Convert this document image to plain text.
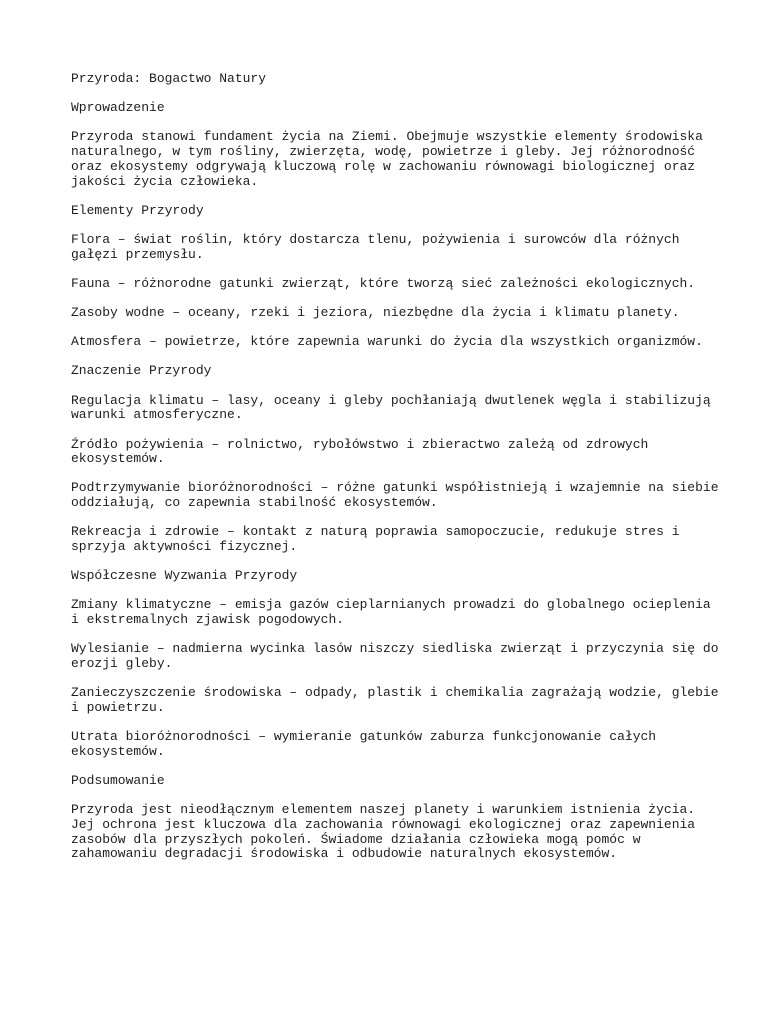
Przyroda: Bogactwo Natury
Wprowadzenie
Przyroda stanowi fundament życia na Ziemi. Obejmuje wszystkie elementy środowiska
naturalnego, w tym rośliny, zwierzęta, wodę, powietrze i gleby. Jej różnorodność
oraz ekosystemy odgrywają kluczową rolę w zachowaniu równowagi biologicznej oraz
jakości życia człowieka.
Elementy Przyrody
Flora – świat roślin, który dostarcza tlenu, pożywienia i surowców dla różnych
gałęzi przemysłu.
Fauna – różnorodne gatunki zwierząt, które tworzą sieć zależności ekologicznych.
Zasoby wodne – oceany, rzeki i jeziora, niezbędne dla życia i klimatu planety.
Atmosfera – powietrze, które zapewnia warunki do życia dla wszystkich organizmów.
Znaczenie Przyrody
Regulacja klimatu – lasy, oceany i gleby pochłaniają dwutlenek węgla i stabilizują
warunki atmosferyczne.
Źródło pożywienia – rolnictwo, rybołówstwo i zbieractwo zależą od zdrowych
ekosystemów.
Podtrzymywanie bioróżnorodności – różne gatunki współistnieją i wzajemnie na siebie
oddziałują, co zapewnia stabilność ekosystemów.
Rekreacja i zdrowie – kontakt z naturą poprawia samopoczucie, redukuje stres i
sprzyja aktywności fizycznej.
Współczesne Wyzwania Przyrody
Zmiany klimatyczne – emisja gazów cieplarnianych prowadzi do globalnego ocieplenia
i ekstremalnych zjawisk pogodowych.
Wylesianie – nadmierna wycinka lasów niszczy siedliska zwierząt i przyczynia się do
erozji gleby.
Zanieczyszczenie środowiska – odpady, plastik i chemikalia zagrażają wodzie, glebie
i powietrzu.
Utrata bioróżnorodności – wymieranie gatunków zaburza funkcjonowanie całych
ekosystemów.
Podsumowanie
Przyroda jest nieodłącznym elementem naszej planety i warunkiem istnienia życia.
Jej ochrona jest kluczowa dla zachowania równowagi ekologicznej oraz zapewnienia
zasobów dla przyszłych pokoleń. Świadome działania człowieka mogą pomóc w
zahamowaniu degradacji środowiska i odbudowie naturalnych ekosystemów.
